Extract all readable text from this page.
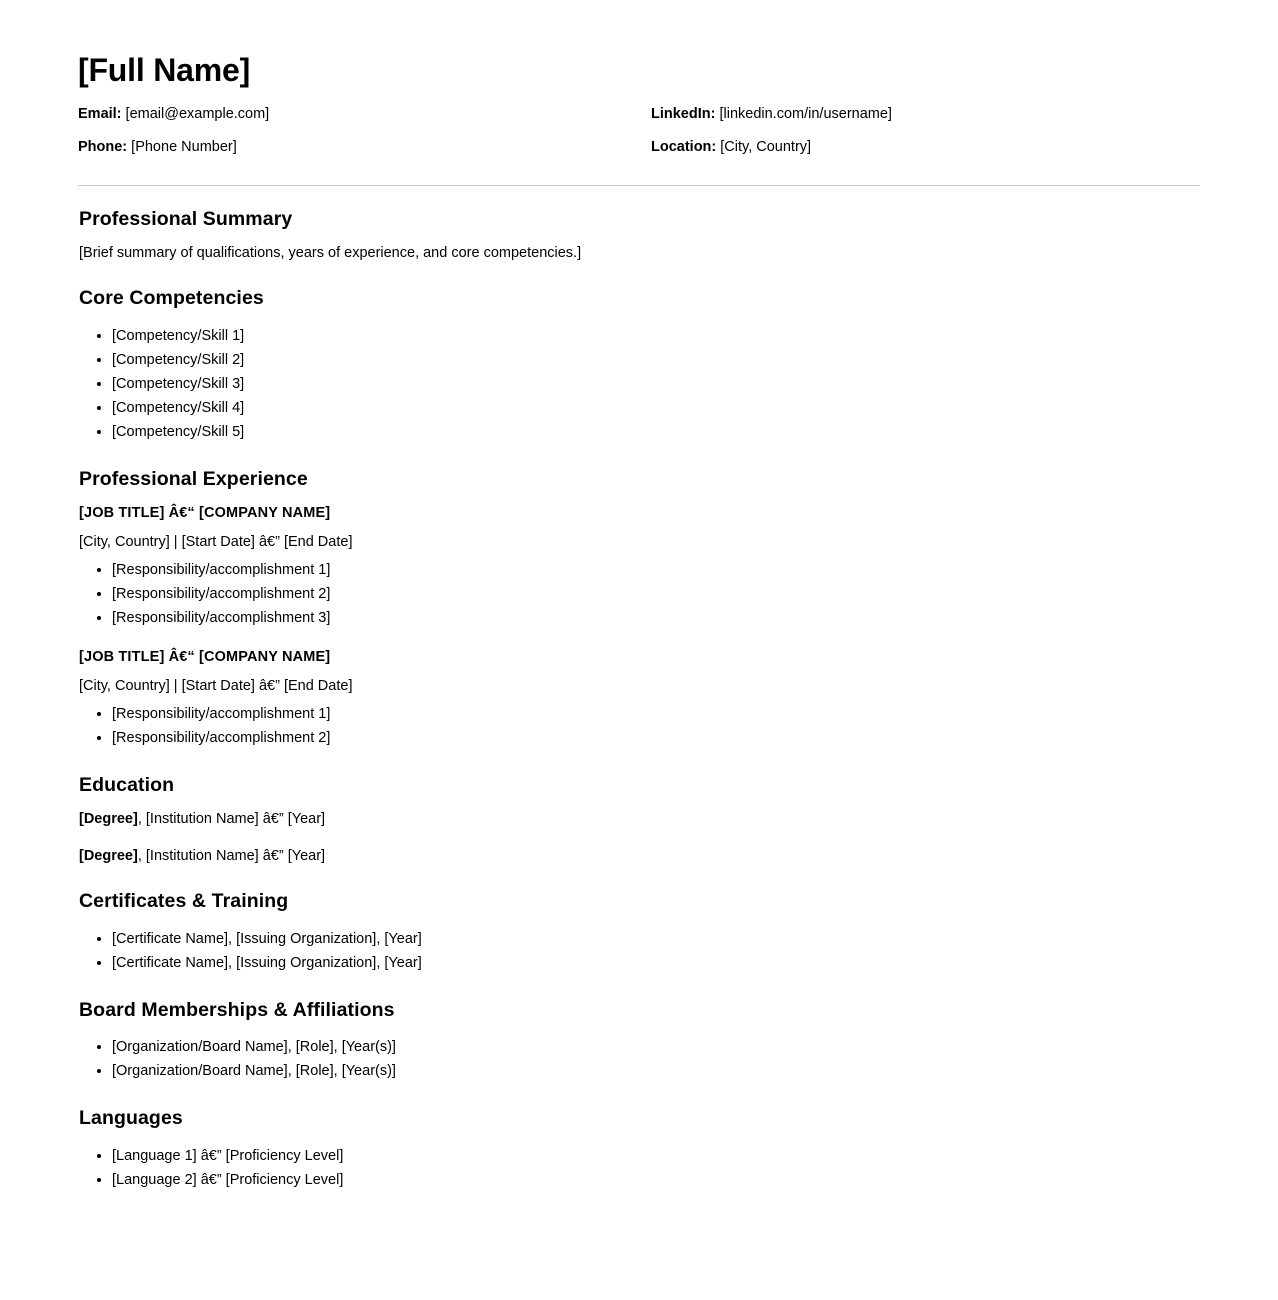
[Full Name]
Email: [email@example.com]	LinkedIn: [linkedin.com/in/username]
Phone: [Phone Number]	Location: [City, Country]
Professional Summary

[Brief summary of qualifications, years of experience, and core competencies.]

Core Competencies
• [Competency/Skill 1]
• [Competency/Skill 2]
• [Competency/Skill 3]
• [Competency/Skill 4]
• [Competency/Skill 5]
Professional Experience
[JOB TITLE] Â€“ [COMPANY NAME]
[City, Country] | [Start Date] â€” [End Date]
• [Responsibility/accomplishment 1]
• [Responsibility/accomplishment 2]
• [Responsibility/accomplishment 3]
[JOB TITLE] Â€“ [COMPANY NAME]
[City, Country] | [Start Date] â€” [End Date]
• [Responsibility/accomplishment 1]
• [Responsibility/accomplishment 2]
Education
[Degree], [Institution Name] â€” [Year]
[Degree], [Institution Name] â€” [Year]
Certificates & Training
• [Certificate Name], [Issuing Organization], [Year]
• [Certificate Name], [Issuing Organization], [Year]
Board Memberships & Affiliations
• [Organization/Board Name], [Role], [Year(s)]
• [Organization/Board Name], [Role], [Year(s)]
Languages
• [Language 1] â€” [Proficiency Level]
• [Language 2] â€” [Proficiency Level]
